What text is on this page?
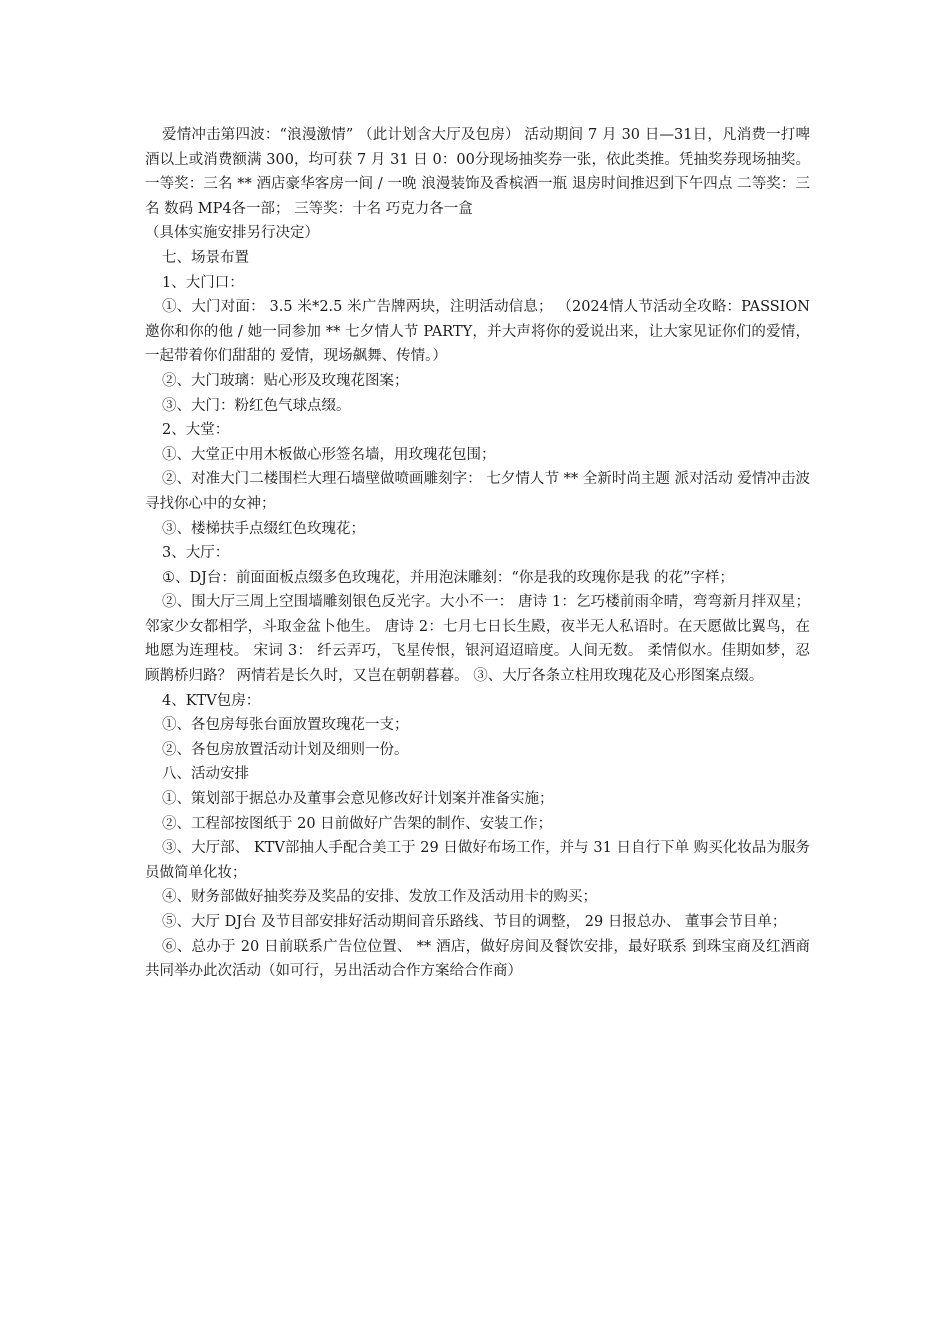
爱情冲击第四波：“浪漫激情” （此计划含大厅及包房） 活动期间 7 月 30 日—31日，凡消费一打啤酒以上或消费额满 300，均可获 7 月 31 日 0：00分现场抽奖券一张，依此类推。凭抽奖券现场抽奖。 一等奖：三名 ** 酒店豪华客房一间 / 一晚 浪漫装饰及香槟酒一瓶 退房时间推迟到下午四点 二等奖：三名 数码 MP4各一部； 三等奖：十名 巧克力各一盒

（具体实施安排另行决定）

七、场景布置

1、大门口：

①、大门对面： 3.5 米*2.5 米广告牌两块，注明活动信息； （2024情人节活动全攻略：PASSION邀你和你的他 / 她一同参加 ** 七夕情人节 PARTY，并大声将你的爱说出来，让大家见证你们的爱情，一起带着你们甜甜的 爱情，现场飙舞、传情。）

②、大门玻璃：贴心形及玫瑰花图案；

③、大门：粉红色气球点缀。

2、大堂：

①、大堂正中用木板做心形签名墙，用玫瑰花包围；

②、对准大门二楼围栏大理石墙壁做喷画雕刻字： 七夕情人节 ** 全新时尚主题 派对活动 爱情冲击波寻找你心中的女神；

③、楼梯扶手点缀红色玫瑰花；

3、大厅：

①、DJ台：前面面板点缀多色玫瑰花，并用泡沫雕刻：“你是我的玫瑰你是我 的花”字样；

②、围大厅三周上空围墙雕刻银色反光字。大小不一： 唐诗 1：乞巧楼前雨伞晴，弯弯新月拌双星； 邻家少女都相学，斗取金盆卜他生。 唐诗 2：七月七日长生殿，夜半无人私语时。在天愿做比翼鸟，在地愿为连理枝。 宋词 3： 纤云弄巧，飞星传恨，银河迢迢暗度。人间无数。 柔情似水。佳期如梦，忍顾鹊桥归路？ 两情若是长久时，又岂在朝朝暮暮。 ③、大厅各条立柱用玫瑰花及心形图案点缀。

4、KTV包房：

①、各包房每张台面放置玫瑰花一支；

②、各包房放置活动计划及细则一份。

八、活动安排

①、策划部于据总办及董事会意见修改好计划案并准备实施；

②、工程部按图纸于 20 日前做好广告架的制作、安装工作；

③、大厅部、 KTV部抽人手配合美工于 29 日做好布场工作，并与 31 日自行下单 购买化妆品为服务员做简单化妆；

④、财务部做好抽奖券及奖品的安排、发放工作及活动用卡的购买；

⑤、大厅 DJ台 及节目部安排好活动期间音乐路线、节目的调整， 29 日报总办、 董事会节目单；

⑥、总办于 20 日前联系广告位位置、 ** 酒店，做好房间及餐饮安排，最好联系 到珠宝商及红酒商共同举办此次活动（如可行，另出活动合作方案给合作商）
